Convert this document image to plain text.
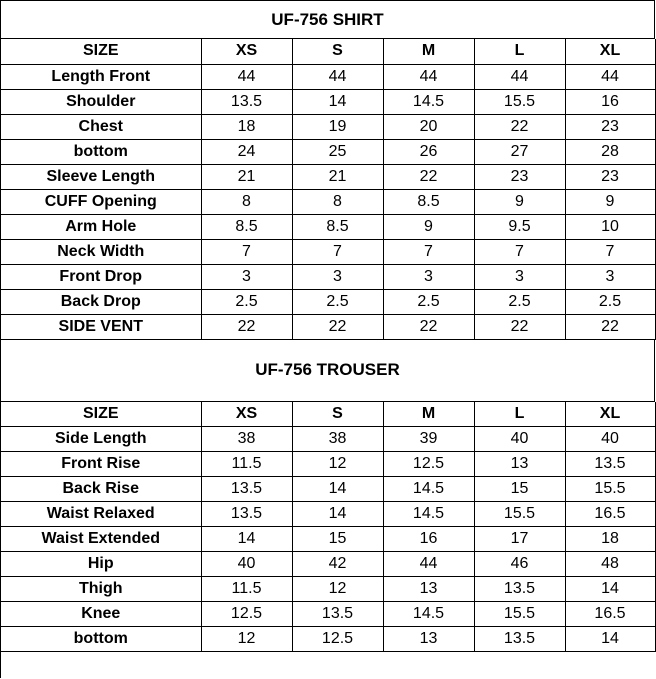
UF-756 SHIRT
SIZE	XS	S	M	L	XL
Length Front	44	44	44	44	44
Shoulder	13.5	14	14.5	15.5	16
Chest	18	19	20	22	23
bottom	24	25	26	27	28
Sleeve Length	21	21	22	23	23
CUFF Opening	8	8	8.5	9	9
Arm Hole	8.5	8.5	9	9.5	10
Neck Width	7	7	7	7	7
Front Drop	3	3	3	3	3
Back Drop	2.5	2.5	2.5	2.5	2.5
SIDE VENT	22	22	22	22	22
UF-756 TROUSER
SIZE	XS	S	M	L	XL
Side Length	38	38	39	40	40
Front Rise	11.5	12	12.5	13	13.5
Back Rise	13.5	14	14.5	15	15.5
Waist Relaxed	13.5	14	14.5	15.5	16.5
Waist Extended	14	15	16	17	18
Hip	40	42	44	46	48
Thigh	11.5	12	13	13.5	14
Knee	12.5	13.5	14.5	15.5	16.5
bottom	12	12.5	13	13.5	14
